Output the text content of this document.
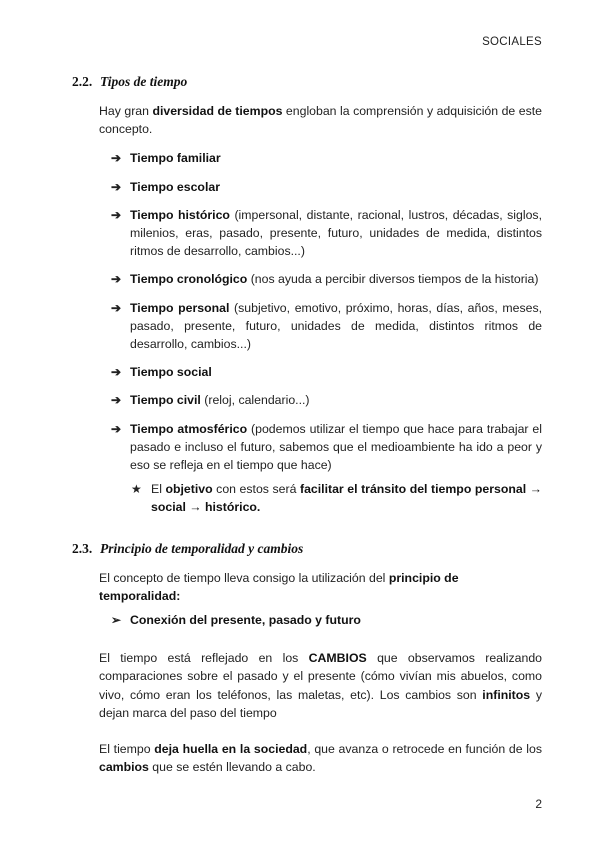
SOCIALES
2.2. Tipos de tiempo

Hay gran diversidad de tiempos engloban la comprensión y adquisición de este concepto.

➔ Tiempo familiar
➔ Tiempo escolar
➔ Tiempo histórico (impersonal, distante, racional, lustros, décadas, siglos, milenios, eras, pasado, presente, futuro, unidades de medida, distintos ritmos de desarrollo, cambios...)
➔ Tiempo cronológico (nos ayuda a percibir diversos tiempos de la historia)
➔ Tiempo personal (subjetivo, emotivo, próximo, horas, días, años, meses, pasado, presente, futuro, unidades de medida, distintos ritmos de desarrollo, cambios...)
➔ Tiempo social
➔ Tiempo civil (reloj, calendario...)
➔ Tiempo atmosférico (podemos utilizar el tiempo que hace para trabajar el pasado e incluso el futuro, sabemos que el medioambiente ha ido a peor y eso se refleja en el tiempo que hace)
★ El objetivo con estos será facilitar el tránsito del tiempo personal → social → histórico.
2.3. Principio de temporalidad y cambios

El concepto de tiempo lleva consigo la utilización del principio de temporalidad:

➢ Conexión del presente, pasado y futuro

El tiempo está reflejado en los CAMBIOS que observamos realizando comparaciones sobre el pasado y el presente (cómo vivían mis abuelos, como vivo, cómo eran los teléfonos, las maletas, etc). Los cambios son infinitos y dejan marca del paso del tiempo

El tiempo deja huella en la sociedad, que avanza o retrocede en función de los cambios que se estén llevando a cabo.

2
